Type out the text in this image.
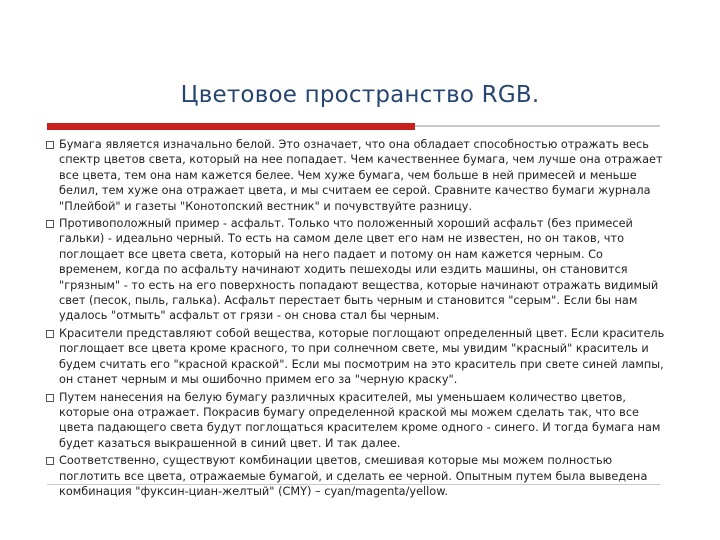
Цветовое пространство RGB.
Бумага является изначально белой. Это означает, что она обладает способностью отражать весь спектр цветов света, который на нее попадает. Чем качественнее бумага, чем лучше она отражает все цвета, тем она нам кажется белее. Чем хуже бумага, чем больше в ней примесей и меньше белил, тем хуже она отражает цвета, и мы считаем ее серой. Сравните качество бумаги журнала "Плейбой" и газеты "Конотопский вестник" и почувствуйте разницу.
Противоположный пример - асфальт. Только что положенный хороший асфальт (без примесей гальки) - идеально черный. То есть на самом деле цвет его нам не известен, но он таков, что поглощает все цвета света, который на него падает и потому он нам кажется черным. Со временем, когда по асфальту начинают ходить пешеходы или ездить машины, он становится "грязным" - то есть на его поверхность попадают вещества, которые начинают отражать видимый свет (песок, пыль, галька). Асфальт перестает быть черным и становится "серым". Если бы нам удалось "отмыть" асфальт от грязи - он снова стал бы черным.
Красители представляют собой вещества, которые поглощают определенный цвет. Если краситель поглощает все цвета кроме красного, то при солнечном свете, мы увидим "красный" краситель и будем считать его "красной краской". Если мы посмотрим на это краситель при свете синей лампы, он станет черным и мы ошибочно примем его за "черную краску".
Путем нанесения на белую бумагу различных красителей, мы уменьшаем количество цветов, которые она отражает. Покрасив бумагу определенной краской мы можем сделать так, что все цвета падающего света будут поглощаться красителем кроме одного - синего. И тогда бумага нам будет казаться выкрашенной в синий цвет. И так далее.
Соответственно, существуют комбинации цветов, смешивая которые мы можем полностью поглотить все цвета, отражаемые бумагой, и сделать ее черной. Опытным путем была выведена комбинация "фуксин-циан-желтый" (CMY) – cyan/magenta/yellow.
